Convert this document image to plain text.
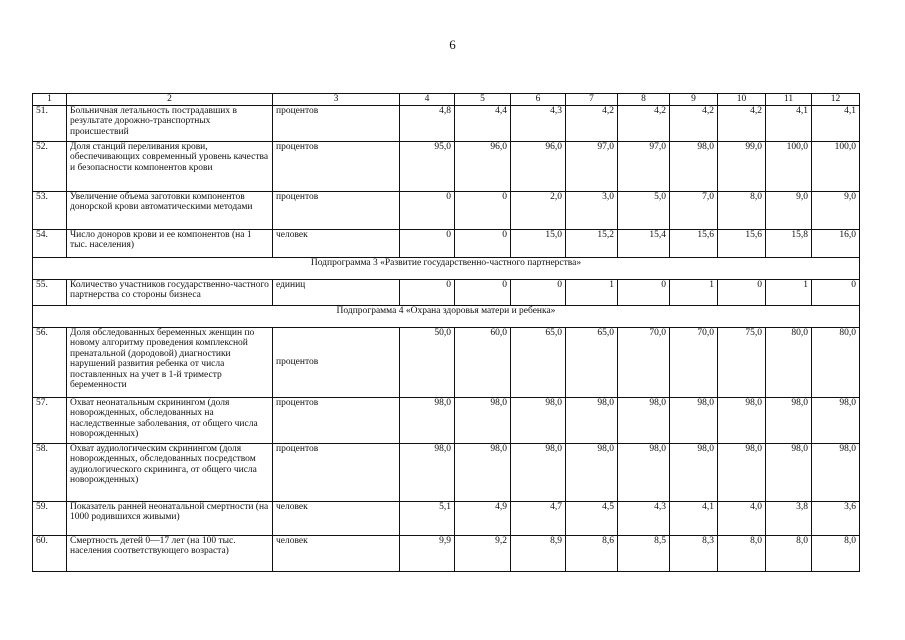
6
1	2	3	4	5	6	7	8	9	10	11	12
51.	Больничная летальность пострадавших в результате дорожно-транспортных происшествий	процентов	4,8	4,4	4,3	4,2	4,2	4,2	4,2	4,1	4,1
52.	Доля станций переливания крови, обеспечивающих современный уровень качества и безопасности компонентов крови	процентов	95,0	96,0	96,0	97,0	97,0	98,0	99,0	100,0	100,0
53.	Увеличение объема заготовки компонентов донорской крови автоматическими методами	процентов	0	0	2,0	3,0	5,0	7,0	8,0	9,0	9,0
54.	Число доноров крови и ее компонентов (на 1 тыс. населения)	человек	0	0	15,0	15,2	15,4	15,6	15,6	15,8	16,0
Подпрограмма 3 «Развитие государственно-частного партнерства»											
55.	Количество участников государственно-частного партнерства со стороны бизнеса	единиц	0	0	0	1	0	1	0	1	0
Подпрограмма 4 «Охрана здоровья матери и ребенка»											
56.	Доля обследованных беременных женщин по новому алгоритму проведения комплексной пренатальной (дородовой) диагностики нарушений развития ребенка от числа поставленных на учет в 1-й триместр беременности	процентов	50,0	60,0	65,0	65,0	70,0	70,0	75,0	80,0	80,0
57.	Охват неонатальным скринингом (доля новорожденных, обследованных на наследственные заболевания, от общего числа новорожденных)	процентов	98,0	98,0	98,0	98,0	98,0	98,0	98,0	98,0	98,0
58.	Охват аудиологическим скринингом (доля новорожденных, обследованных посредством аудиологического скрининга, от общего числа новорожденных)	процентов	98,0	98,0	98,0	98,0	98,0	98,0	98,0	98,0	98,0
59.	Показатель ранней неонатальной смертности (на 1000 родившихся живыми)	человек	5,1	4,9	4,7	4,5	4,3	4,1	4,0	3,8	3,6
60.	Смертность детей 0—17 лет (на 100 тыс. населения соответствующего возраста)	человек	9,9	9,2	8,9	8,6	8,5	8,3	8,0	8,0	8,0
